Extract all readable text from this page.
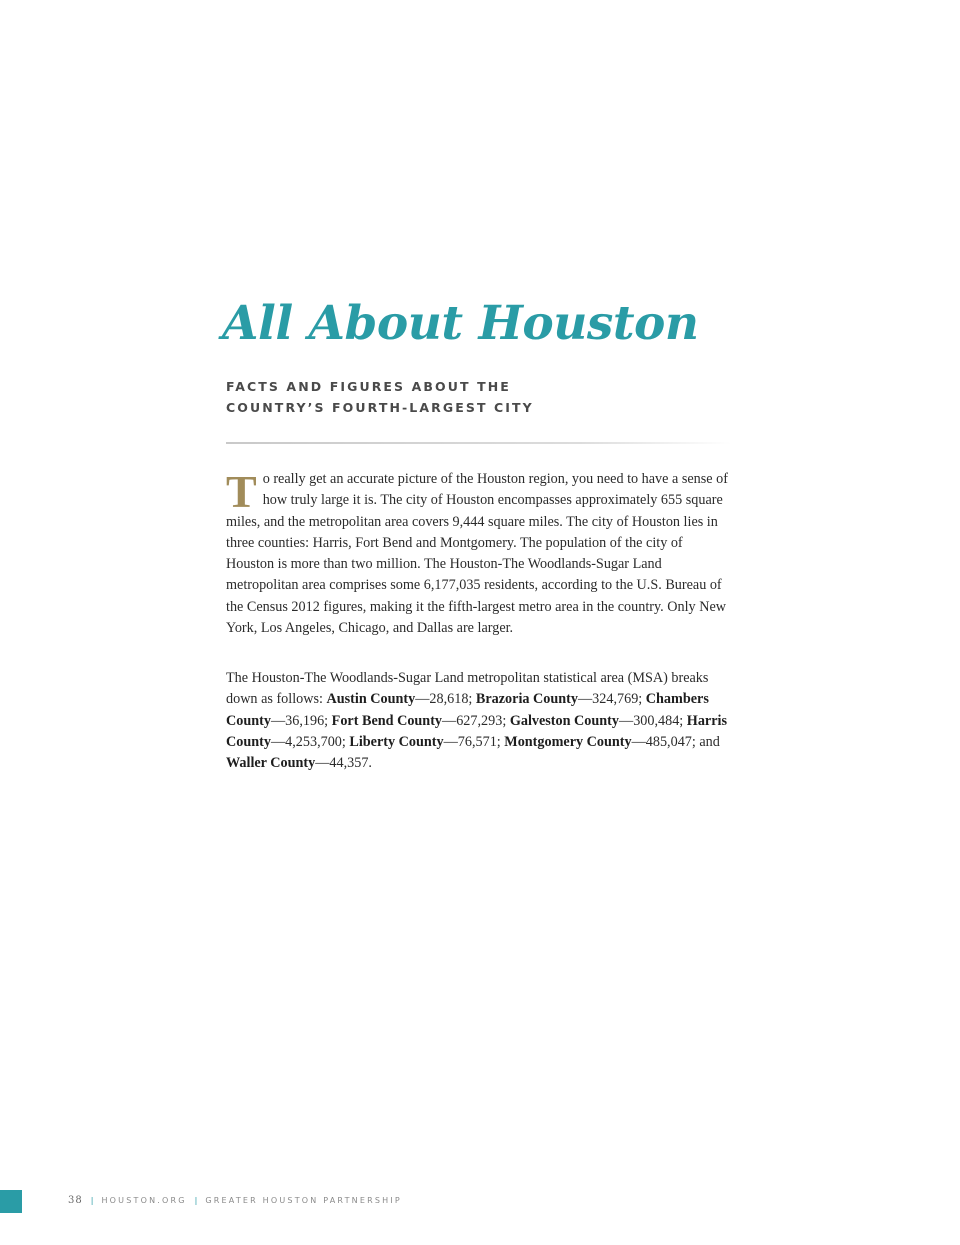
All About Houston
FACTS AND FIGURES ABOUT THE
COUNTRY’S FOURTH-LARGEST CITY

To really get an accurate picture of the Houston region, you need to have a sense of how truly large it is. The city of Houston encompasses approximately 655 square miles, and the metropolitan area covers 9,444 square miles. The city of Houston lies in three counties: Harris, Fort Bend and Montgomery. The population of the city of Houston is more than two million. The Houston-The Woodlands-Sugar Land metropolitan area comprises some 6,177,035 residents, according to the U.S. Bureau of the Census 2012 figures, making it the fifth-largest metro area in the country. Only New York, Los Angeles, Chicago, and Dallas are larger.

The Houston-The Woodlands-Sugar Land metropolitan statistical area (MSA) breaks down as follows: Austin County—28,618; Brazoria County—324,769; Chambers County—36,196; Fort Bend County—627,293; Galveston County—300,484; Harris County—4,253,700; Liberty County—76,571; Montgomery County—485,047; and Waller County—44,357.

38 | HOUSTON.ORG | GREATER HOUSTON PARTNERSHIP
